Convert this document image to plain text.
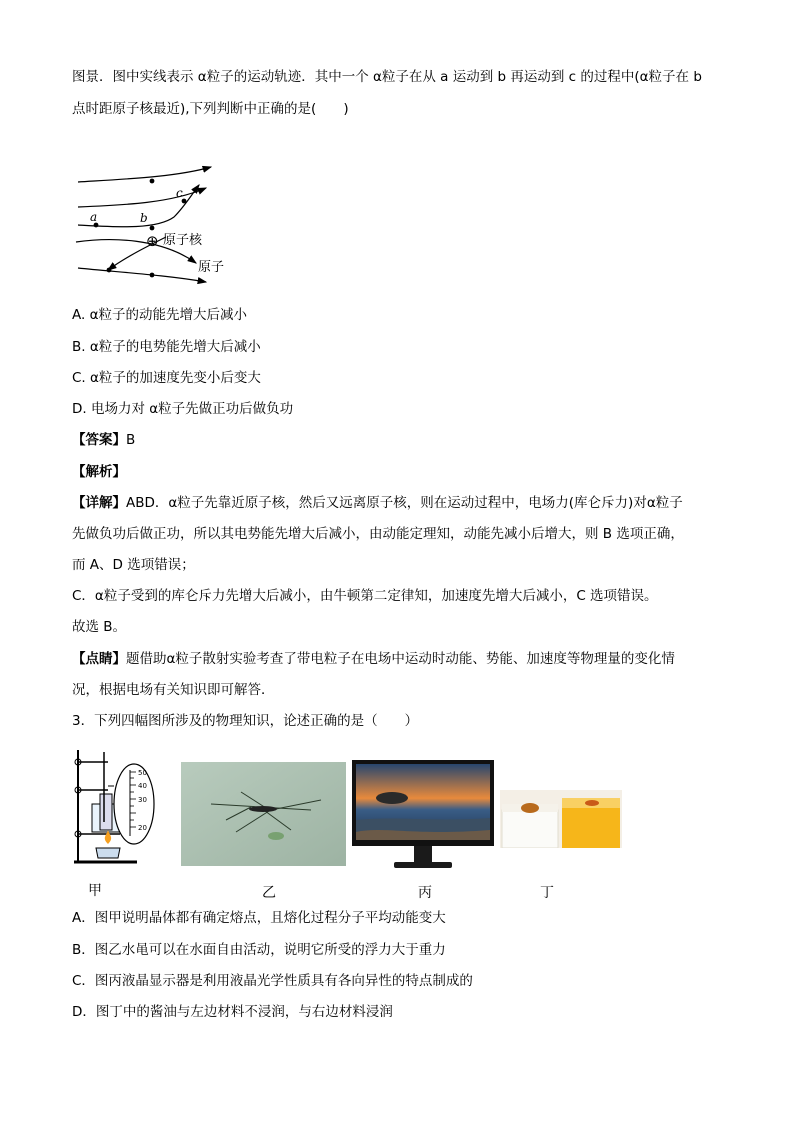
图景．图中实线表示 α粒子的运动轨迹．其中一个 α粒子在从 a 运动到 b 再运动到 c 的过程中(α粒子在 b
点时距原子核最近),下列判断中正确的是(　　)
a	b
c
⊕ 原子核
原子
A. α粒子的动能先增大后减小
B. α粒子的电势能先增大后减小
C. α粒子的加速度先变小后变大
D. 电场力对 α粒子先做正功后做负功
【答案】B
【解析】
【详解】ABD．α粒子先靠近原子核，然后又远离原子核，则在运动过程中，电场力(库仑斥力)对α粒子
先做负功后做正功，所以其电势能先增大后减小，由动能定理知，动能先减小后增大，则 B 选项正确，
而 A、D 选项错误；
C．α粒子受到的库仑斥力先增大后减小，由牛顿第二定律知，加速度先增大后减小，C 选项错误。
故选 B。
【点睛】题借助α粒子散射实验考查了带电粒子在电场中运动时动能、势能、加速度等物理量的变化情
况，根据电场有关知识即可解答．
3．下列四幅图所涉及的物理知识，论述正确的是（　　）
50
40
30
20
甲	乙	丙	丁
A．图甲说明晶体都有确定熔点，且熔化过程分子平均动能变大
B．图乙水黾可以在水面自由活动，说明它所受的浮力大于重力
C．图丙液晶显示器是利用液晶光学性质具有各向异性的特点制成的
D．图丁中的酱油与左边材料不浸润，与右边材料浸润
